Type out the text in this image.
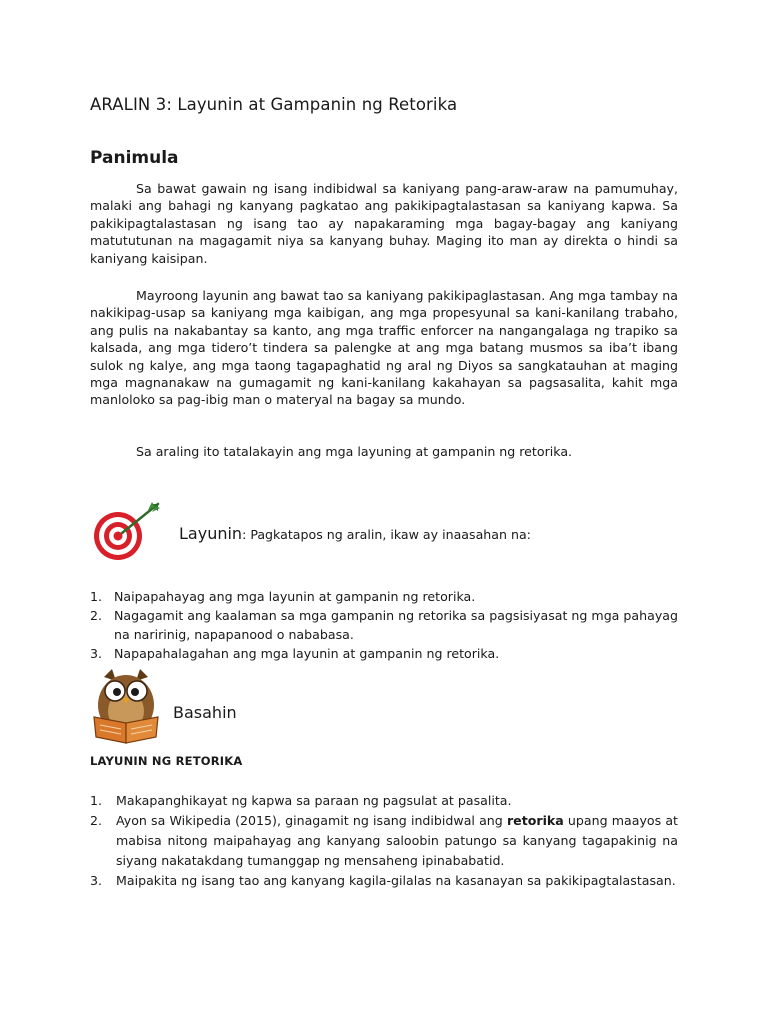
ARALIN 3: Layunin at Gampanin ng Retorika
Panimula

Sa bawat gawain ng isang indibidwal sa kaniyang pang-araw-araw na pamumuhay, malaki ang bahagi ng kanyang pagkatao ang pakikipagtalastasan sa kaniyang kapwa. Sa pakikipagtalastasan ng isang tao ay napakaraming mga bagay-bagay ang kaniyang matututunan na magagamit niya sa kanyang buhay. Maging ito man ay direkta o hindi sa kaniyang kaisipan.

Mayroong layunin ang bawat tao sa kaniyang pakikipaglastasan. Ang mga tambay na nakikipag-usap sa kaniyang mga kaibigan, ang mga propesyunal sa kani-kanilang trabaho, ang pulis na nakabantay sa kanto, ang mga traffic enforcer na nangangalaga ng trapiko sa kalsada, ang mga tidero’t tindera sa palengke at ang mga batang musmos sa iba’t ibang sulok ng kalye, ang mga taong tagapaghatid ng aral ng Diyos sa sangkatauhan at maging mga magnanakaw na gumagamit ng kani-kanilang kakahayan sa pagsasalita, kahit mga manloloko sa pag-ibig man o materyal na bagay sa mundo.

Sa araling ito tatalakayin ang mga layuning at gampanin ng retorika.

Layunin: Pagkatapos ng aralin, ikaw ay inaasahan na:
1. Naipapahayag ang mga layunin at gampanin ng retorika.
2. Nagagamit ang kaalaman sa mga gampanin ng retorika sa pagsisiyasat ng mga pahayag na naririnig, napapanood o nababasa.
3. Napapahalagahan ang mga layunin at gampanin ng retorika.
Basahin
LAYUNIN NG RETORIKA
1. Makapanghikayat ng kapwa sa paraan ng pagsulat at pasalita.
2. Ayon sa Wikipedia (2015), ginagamit ng isang indibidwal ang retorika upang maayos at mabisa nitong maipahayag ang kanyang saloobin patungo sa kanyang tagapakinig na siyang nakatakdang tumanggap ng mensaheng ipinababatid.
3. Maipakita ng isang tao ang kanyang kagila-gilalas na kasanayan sa pakikipagtalastasan.
